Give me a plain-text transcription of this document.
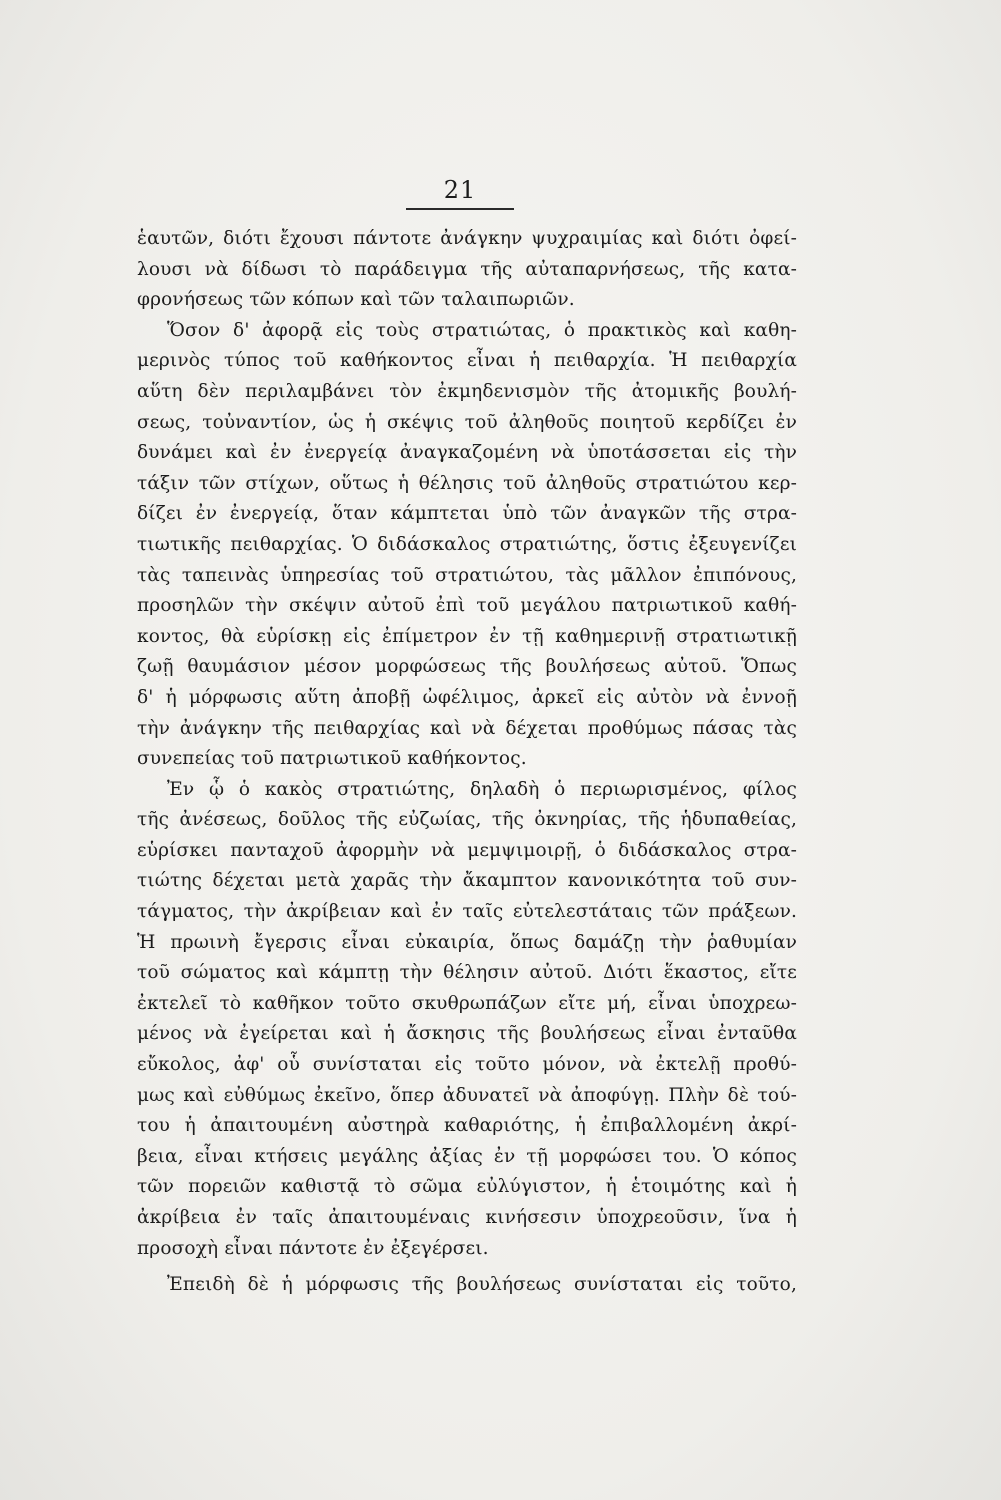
21
ἑαυτῶν, διότι ἔχουσι πάντοτε ἀνάγκην ψυχραιμίας καὶ διότι ὀφεί-
λουσι νὰ δίδωσι τὸ παράδειγμα τῆς αὐταπαρνήσεως, τῆς κατα-
φρονήσεως τῶν κόπων καὶ τῶν ταλαιπωριῶν.
Ὅσον δ' ἀφορᾷ εἰς τοὺς στρατιώτας, ὁ πρακτικὸς καὶ καθη-
μερινὸς τύπος τοῦ καθήκοντος εἶναι ἡ πειθαρχία. Ἡ πειθαρχία
αὕτη δὲν περιλαμβάνει τὸν ἐκμηδενισμὸν τῆς ἀτομικῆς βουλή-
σεως, τοὐναντίον, ὡς ἡ σκέψις τοῦ ἀληθοῦς ποιητοῦ κερδίζει ἐν
δυνάμει καὶ ἐν ἐνεργείᾳ ἀναγκαζομένη νὰ ὑποτάσσεται εἰς τὴν
τάξιν τῶν στίχων, οὕτως ἡ θέλησις τοῦ ἀληθοῦς στρατιώτου κερ-
δίζει ἐν ἐνεργείᾳ, ὅταν κάμπτεται ὑπὸ τῶν ἀναγκῶν τῆς στρα-
τιωτικῆς πειθαρχίας. Ὁ διδάσκαλος στρατιώτης, ὅστις ἐξευγενίζει
τὰς ταπεινὰς ὑπηρεσίας τοῦ στρατιώτου, τὰς μᾶλλον ἐπιπόνους,
προσηλῶν τὴν σκέψιν αὐτοῦ ἐπὶ τοῦ μεγάλου πατριωτικοῦ καθή-
κοντος, θὰ εὑρίσκῃ εἰς ἐπίμετρον ἐν τῇ καθημερινῇ στρατιωτικῇ
ζωῇ θαυμάσιον μέσον μορφώσεως τῆς βουλήσεως αὐτοῦ. Ὅπως
δ' ἡ μόρφωσις αὕτη ἀποβῇ ὠφέλιμος, ἀρκεῖ εἰς αὐτὸν νὰ ἐννοῇ
τὴν ἀνάγκην τῆς πειθαρχίας καὶ νὰ δέχεται προθύμως πάσας τὰς
συνεπείας τοῦ πατριωτικοῦ καθήκοντος.
Ἐν ᾧ ὁ κακὸς στρατιώτης, δηλαδὴ ὁ περιωρισμένος, φίλος
τῆς ἀνέσεως, δοῦλος τῆς εὐζωίας, τῆς ὀκνηρίας, τῆς ἡδυπαθείας,
εὑρίσκει πανταχοῦ ἀφορμὴν νὰ μεμψιμοιρῇ, ὁ διδάσκαλος στρα-
τιώτης δέχεται μετὰ χαρᾶς τὴν ἄκαμπτον κανονικότητα τοῦ συν-
τάγματος, τὴν ἀκρίβειαν καὶ ἐν ταῖς εὐτελεστάταις τῶν πράξεων.
Ἡ πρωινὴ ἔγερσις εἶναι εὐκαιρία, ὅπως δαμάζῃ τὴν ῥαθυμίαν
τοῦ σώματος καὶ κάμπτῃ τὴν θέλησιν αὐτοῦ. Διότι ἕκαστος, εἴτε
ἐκτελεῖ τὸ καθῆκον τοῦτο σκυθρωπάζων εἴτε μή, εἶναι ὑποχρεω-
μένος νὰ ἐγείρεται καὶ ἡ ἄσκησις τῆς βουλήσεως εἶναι ἐνταῦθα
εὔκολος, ἀφ' οὗ συνίσταται εἰς τοῦτο μόνον, νὰ ἐκτελῇ προθύ-
μως καὶ εὐθύμως ἐκεῖνο, ὅπερ ἀδυνατεῖ νὰ ἀποφύγῃ. Πλὴν δὲ τού-
του ἡ ἀπαιτουμένη αὐστηρὰ καθαριότης, ἡ ἐπιβαλλομένη ἀκρί-
βεια, εἶναι κτήσεις μεγάλης ἀξίας ἐν τῇ μορφώσει του. Ὁ κόπος
τῶν πορειῶν καθιστᾷ τὸ σῶμα εὐλύγιστον, ἡ ἑτοιμότης καὶ ἡ
ἀκρίβεια ἐν ταῖς ἀπαιτουμέναις κινήσεσιν ὑποχρεοῦσιν, ἵνα ἡ
προσοχὴ εἶναι πάντοτε ἐν ἐξεγέρσει.
Ἐπειδὴ δὲ ἡ μόρφωσις τῆς βουλήσεως συνίσταται εἰς τοῦτο,
